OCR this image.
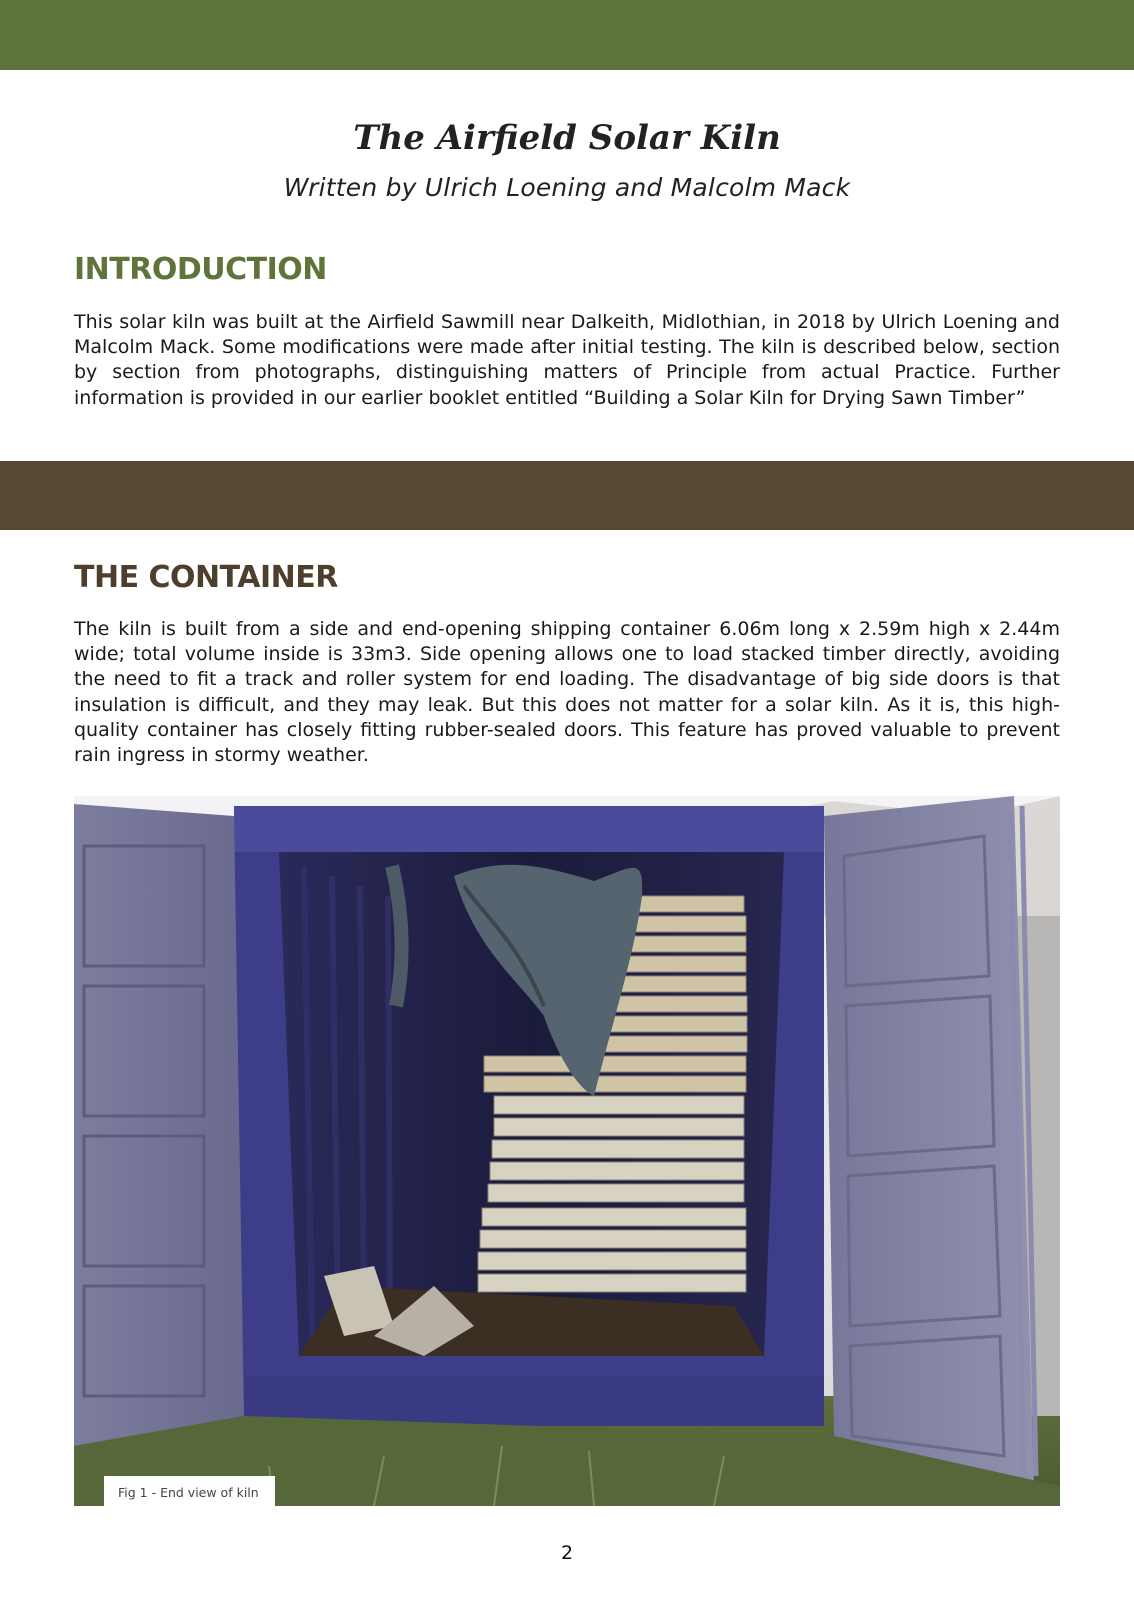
The Airfield Solar Kiln
Written by Ulrich Loening and Malcolm Mack
INTRODUCTION
This solar kiln was built at the Airfield Sawmill near Dalkeith, Midlothian, in 2018 by Ulrich Loening and Malcolm Mack. Some modifications were made after initial testing. The kiln is described below, section by section from photographs, distinguishing matters of Principle from actual Practice. Further information is provided in our earlier booklet entitled “Building a Solar Kiln for Drying Sawn Timber”
THE CONTAINER
The kiln is built from a side and end-opening shipping container 6.06m long x 2.59m high x 2.44m wide; total volume inside is 33m3. Side opening allows one to load stacked timber directly, avoiding the need to fit a track and roller system for end loading. The disadvantage of big side doors is that insulation is difficult, and they may leak. But this does not matter for a solar kiln. As it is, this high-quality container has closely fitting rubber-sealed doors. This feature has proved valuable to prevent rain ingress in stormy weather.
Fig 1 - End view of kiln
2
